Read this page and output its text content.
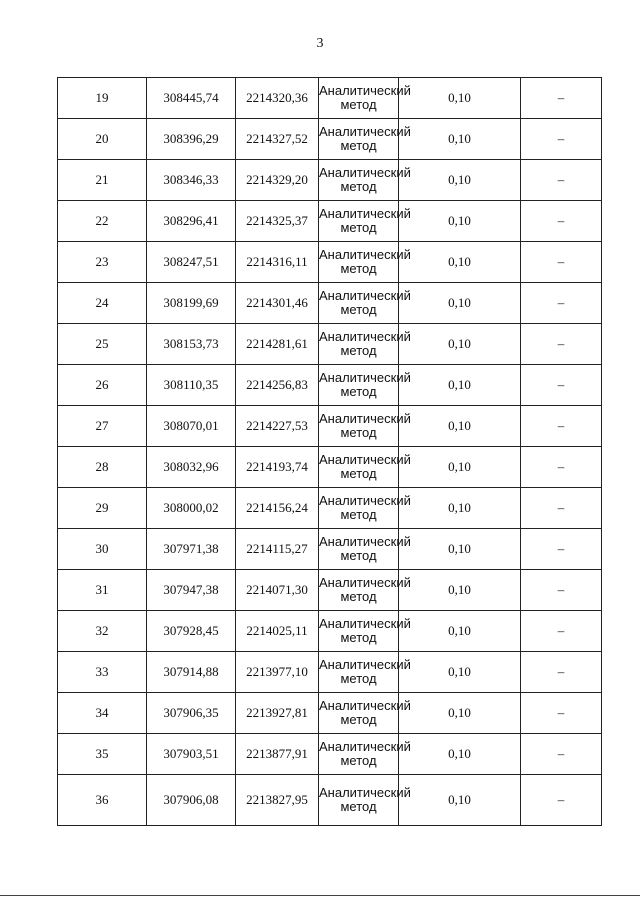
3
19	308445,74	2214320,36	Аналитический
метод	0,10	–
20	308396,29	2214327,52	Аналитический
метод	0,10	–
21	308346,33	2214329,20	Аналитический
метод	0,10	–
22	308296,41	2214325,37	Аналитический
метод	0,10	–
23	308247,51	2214316,11	Аналитический
метод	0,10	–
24	308199,69	2214301,46	Аналитический
метод	0,10	–
25	308153,73	2214281,61	Аналитический
метод	0,10	–
26	308110,35	2214256,83	Аналитический
метод	0,10	–
27	308070,01	2214227,53	Аналитический
метод	0,10	–
28	308032,96	2214193,74	Аналитический
метод	0,10	–
29	308000,02	2214156,24	Аналитический
метод	0,10	–
30	307971,38	2214115,27	Аналитический
метод	0,10	–
31	307947,38	2214071,30	Аналитический
метод	0,10	–
32	307928,45	2214025,11	Аналитический
метод	0,10	–
33	307914,88	2213977,10	Аналитический
метод	0,10	–
34	307906,35	2213927,81	Аналитический
метод	0,10	–
35	307903,51	2213877,91	Аналитический
метод	0,10	–
36	307906,08	2213827,95	Аналитический
метод	0,10	–
